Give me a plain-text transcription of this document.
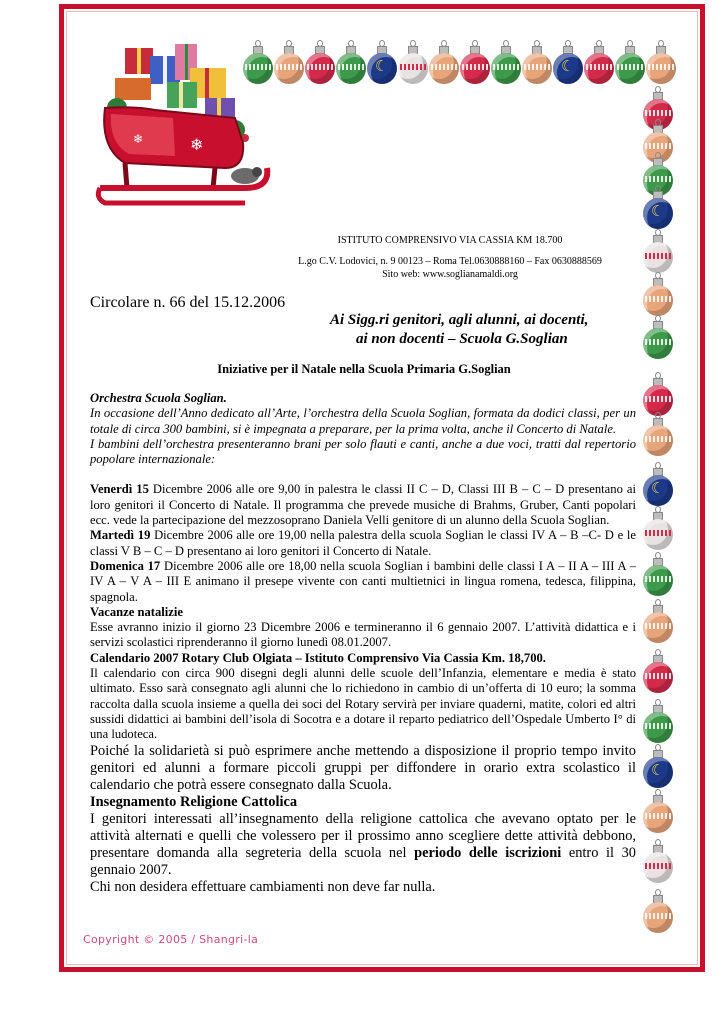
❄
❄
☾	☾
☾
☾
☾
ISTITUTO COMPRENSIVO VIA CASSIA KM 18.700
L.go C.V. Lodovici, n. 9 00123 – Roma Tel.0630888160 – Fax 0630888569
Sito web: www.soglianamaldi.org
Circolare n. 66 del 15.12.2006
Ai Sigg.ri genitori, agli alunni, ai docenti,
ai non docenti – Scuola G.Soglian
Iniziative per il Natale nella Scuola Primaria G.Soglian

Orchestra Scuola Soglian.

In occasione dell’Anno dedicato all’Arte, l’orchestra della Scuola Soglian, formata da dodici classi, per un totale di circa 300 bambini, si è impegnata a preparare, per la prima volta, anche il Concerto di Natale.

I bambini dell’orchestra presenteranno brani per solo flauti e canti, anche a due voci, tratti dal repertorio popolare internazionale:

Venerdì 15 Dicembre 2006 alle ore 9,00 in palestra le classi II C – D, Classi III B – C – D presentano ai loro genitori il Concerto di Natale. Il programma che prevede musiche di Brahms, Gruber, Canti popolari ecc. vede la partecipazione del mezzosoprano Daniela Velli genitore di un alunno della Scuola Soglian.

Martedì 19 Dicembre 2006 alle ore 19,00 nella palestra della scuola Soglian le classi IV A – B –C- D e le classi V B – C – D presentano ai loro genitori il Concerto di Natale.

Domenica 17 Dicembre 2006 alle ore 18,00 nella scuola Soglian i bambini delle classi I A – II A – III A – IV A – V A – III E animano il presepe vivente con canti multietnici in lingua romena, tedesca, filippina, spagnola.

Vacanze natalizie

Esse avranno inizio il giorno 23 Dicembre 2006 e termineranno il 6 gennaio 2007. L’attività didattica e i servizi scolastici riprenderanno il giorno lunedì 08.01.2007.

Calendario 2007 Rotary Club Olgiata – Istituto Comprensivo Via Cassia Km. 18,700.

Il calendario con circa 900 disegni degli alunni delle scuole dell’Infanzia, elementare e media è stato ultimato. Esso sarà consegnato agli alunni che lo richiedono in cambio di un’offerta di 10 euro; la somma raccolta dalla scuola insieme a quella dei soci del Rotary servirà per inviare quaderni, matite, colori ed altri sussidi didattici ai bambini dell’isola di Socotra e a dotare il reparto pediatrico dell’Ospedale Umberto I° di una ludoteca.

Poiché la solidarietà si può esprimere anche mettendo a disposizione il proprio tempo invito genitori ed alunni a formare piccoli gruppi per diffondere in orario extra scolastico il calendario che potrà essere consegnato dalla Scuola.

Insegnamento Religione Cattolica

I genitori interessati all’insegnamento della religione cattolica che avevano optato per le attività alternati e quelli che volessero per il prossimo anno scegliere dette attività debbono, presentare domanda alla segreteria della scuola nel periodo delle iscrizioni entro il 30 gennaio 2007.

Chi non desidera effettuare cambiamenti non deve far nulla.

Copyright © 2005 / Shangri-la
